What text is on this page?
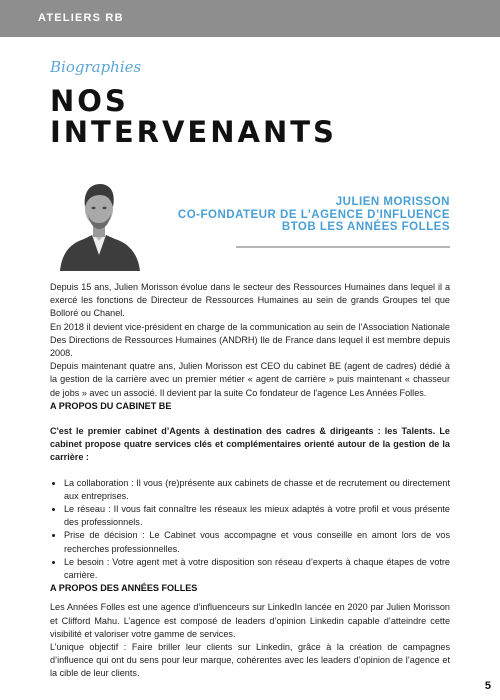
ATELIERS RB
Biographies
NOS
INTERVENANTS
JULIEN MORISSON
CO-FONDATEUR DE L’AGENCE D’INFLUENCE
BTOB LES ANNÉES FOLLES

Depuis 15 ans, Julien Morisson évolue dans le secteur des Ressources Humaines dans lequel il a exercé les fonctions de Directeur de Ressources Humaines au sein de grands Groupes tel que Bolloré ou Chanel.

En 2018 il devient vice-président en charge de la communication au sein de l’Association Nationale Des Directions de Ressources Humaines (ANDRH) Ile de France dans lequel il est membre depuis 2008.

Depuis maintenant quatre ans, Julien Morisson est CEO du cabinet BE (agent de cadres) dédié à la gestion de la carrière avec un premier métier « agent de carrière » puis maintenant « chasseur de jobs » avec un associé. Il devient par la suite Co fondateur de l'agence Les Années Folles.

A PROPOS DU CABINET BE

C'est le premier cabinet d’Agents à destination des cadres & dirigeants : les Talents. Le cabinet propose quatre services clés et complémentaires orienté autour de la gestion de la carrière :

• La collaboration : Il vous (re)présente aux cabinets de chasse et de recrutement ou directement aux entreprises.
• Le réseau : Il vous fait connaître les réseaux les mieux adaptés à votre profil et vous présente des professionnels.
• Prise de décision : Le Cabinet vous accompagne et vous conseille en amont lors de vos recherches professionnelles.
• Le besoin : Votre agent met à votre disposition son réseau d’experts à chaque étapes de votre carrière.

A PROPOS DES ANNÉES FOLLES

Les Années Folles est une agence d’influenceurs sur LinkedIn lancée en 2020 par Julien Morisson et Clifford Mahu. L’agence est composé de leaders d’opinion Linkedin capable d’atteindre cette visibilité et valoriser votre gamme de services.

L’unique objectif : Faire briller leur clients sur Linkedin, grâce à la création de campagnes d’influence qui ont du sens pour leur marque, cohérentes avec les leaders d’opinion de l’agence et la cible de leur clients.

5
